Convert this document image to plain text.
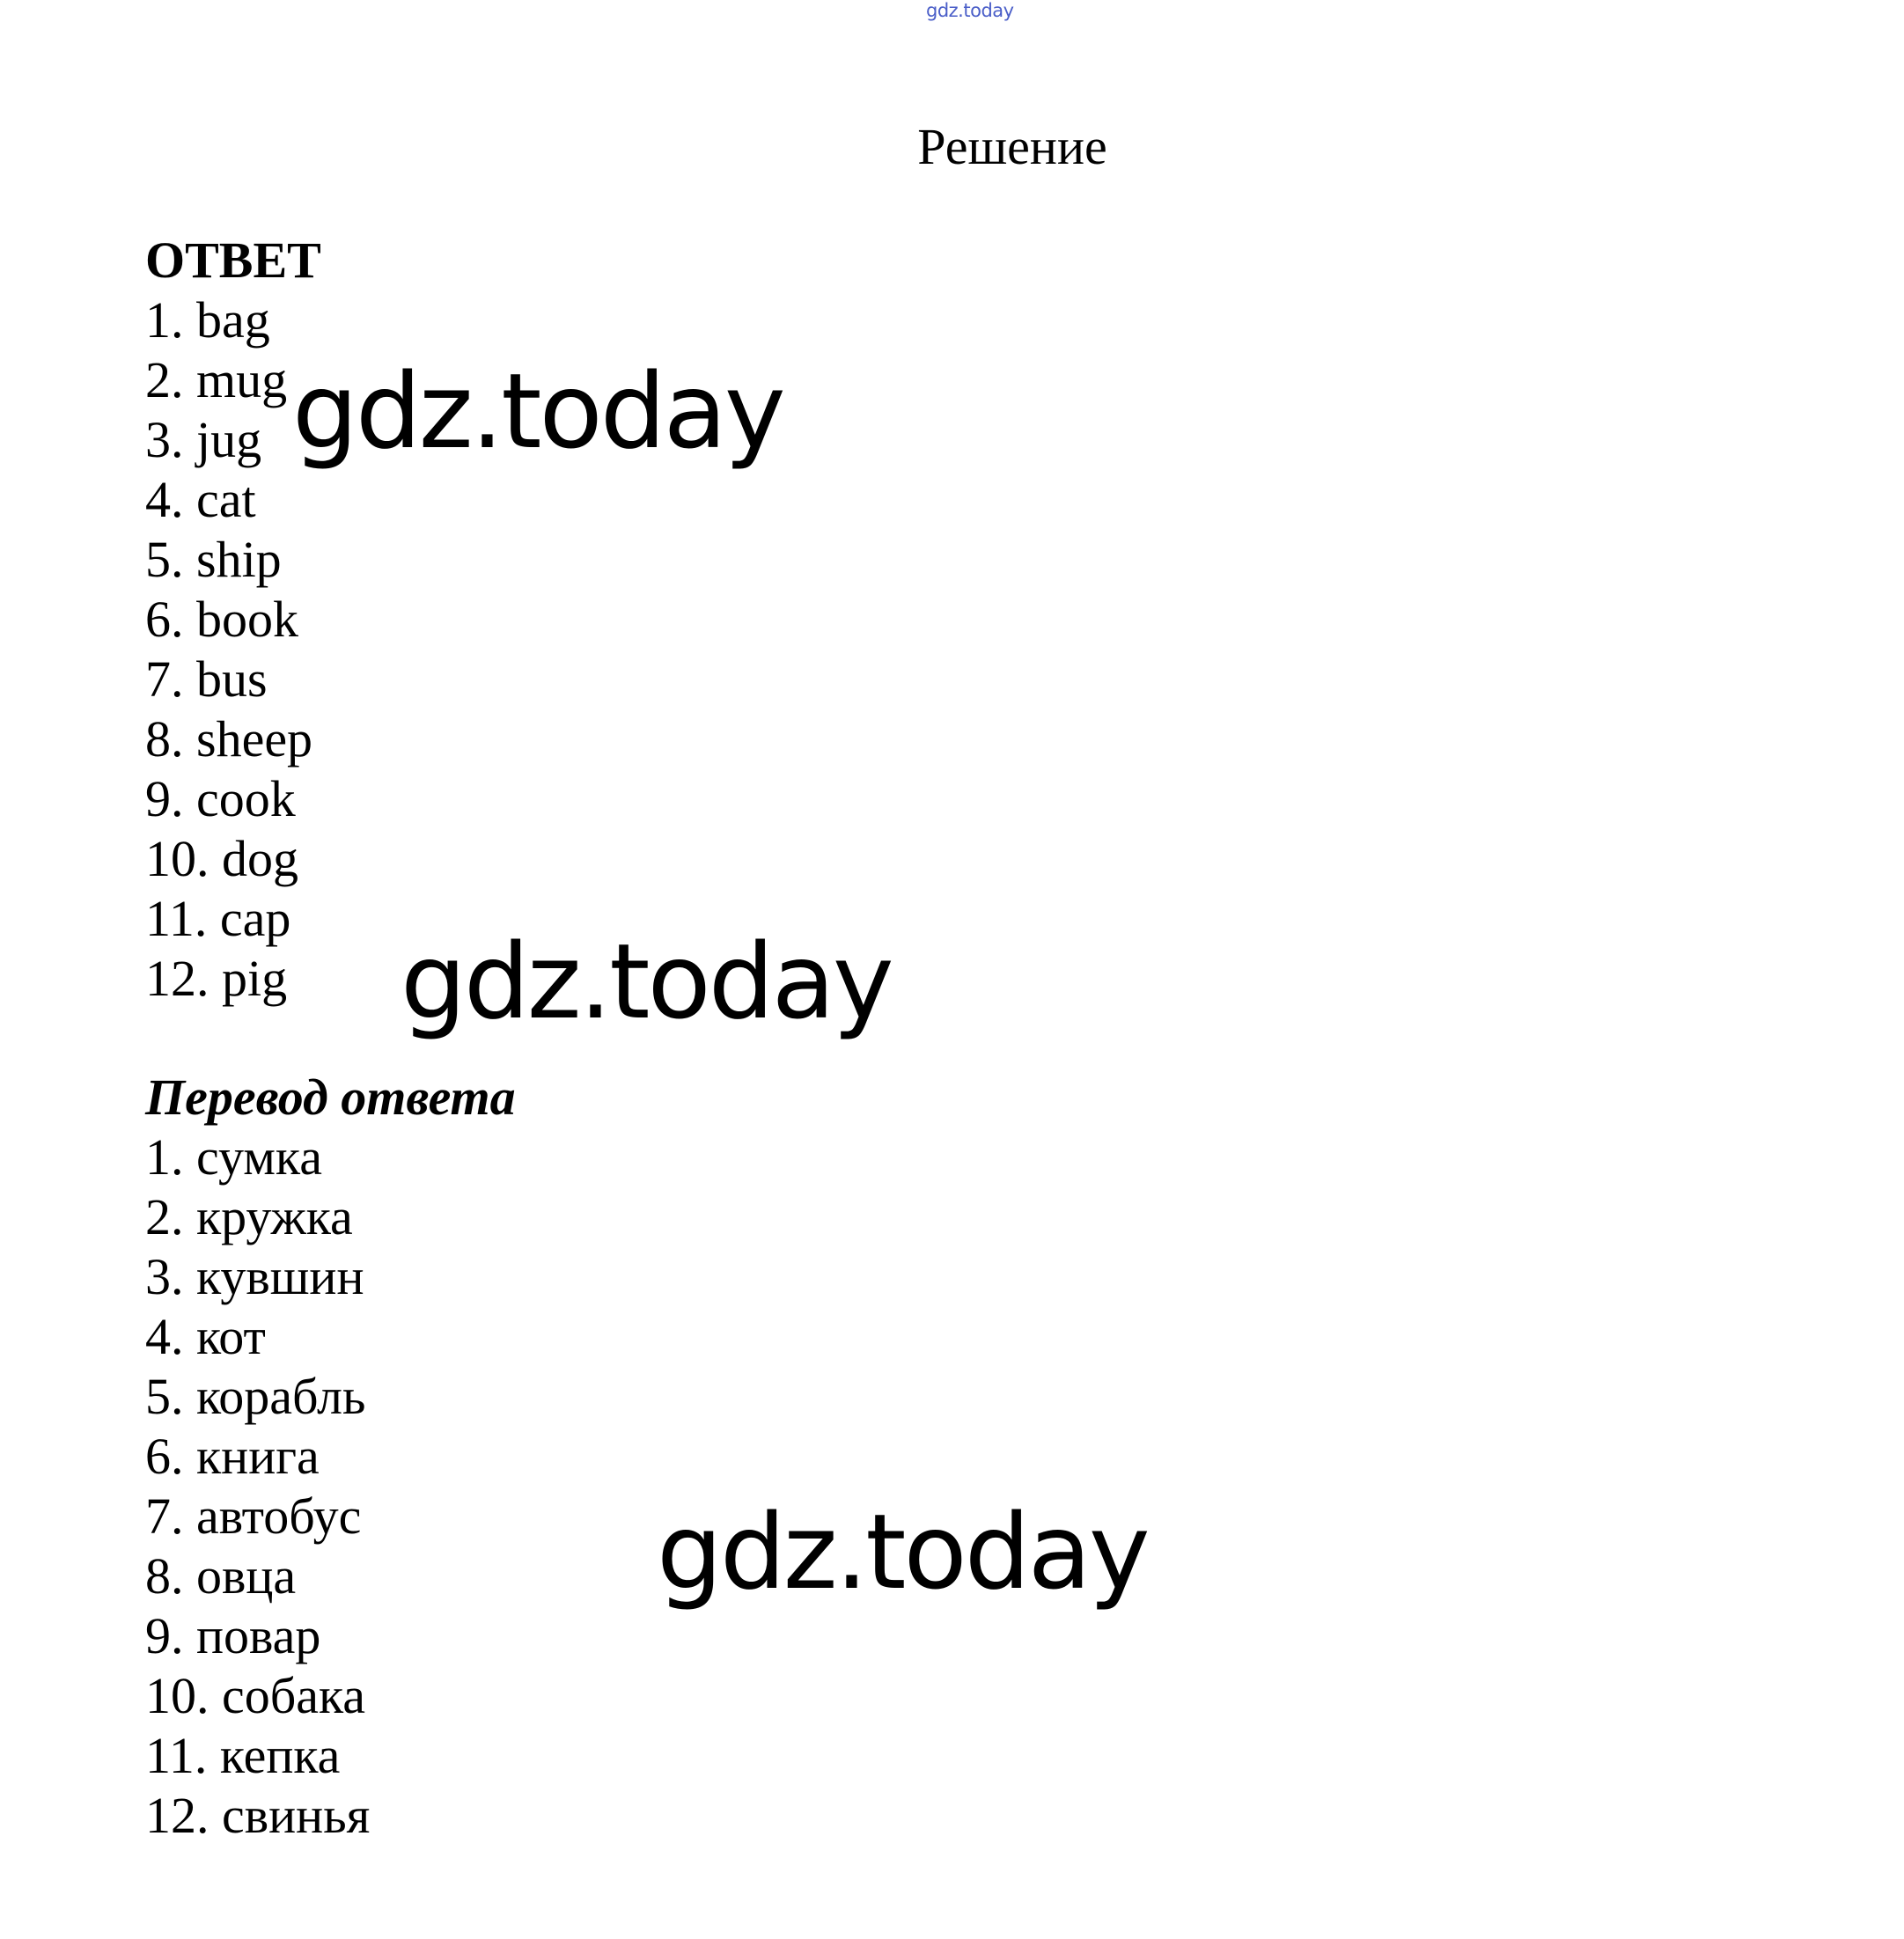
gdz.today
Решение
ОТВЕТ
1. bag
2. mug
3. jug
4. cat
5. ship
6. book
7. bus
8. sheep
9. cook
10. dog
11. cap
12. pig
Перевод ответа
1. сумка
2. кружка
3. кувшин
4. кот
5. корабль
6. книга
7. автобус
8. овца
9. повар
10. собака
11. кепка
12. свинья
gdz.today
gdz.today
gdz.today
